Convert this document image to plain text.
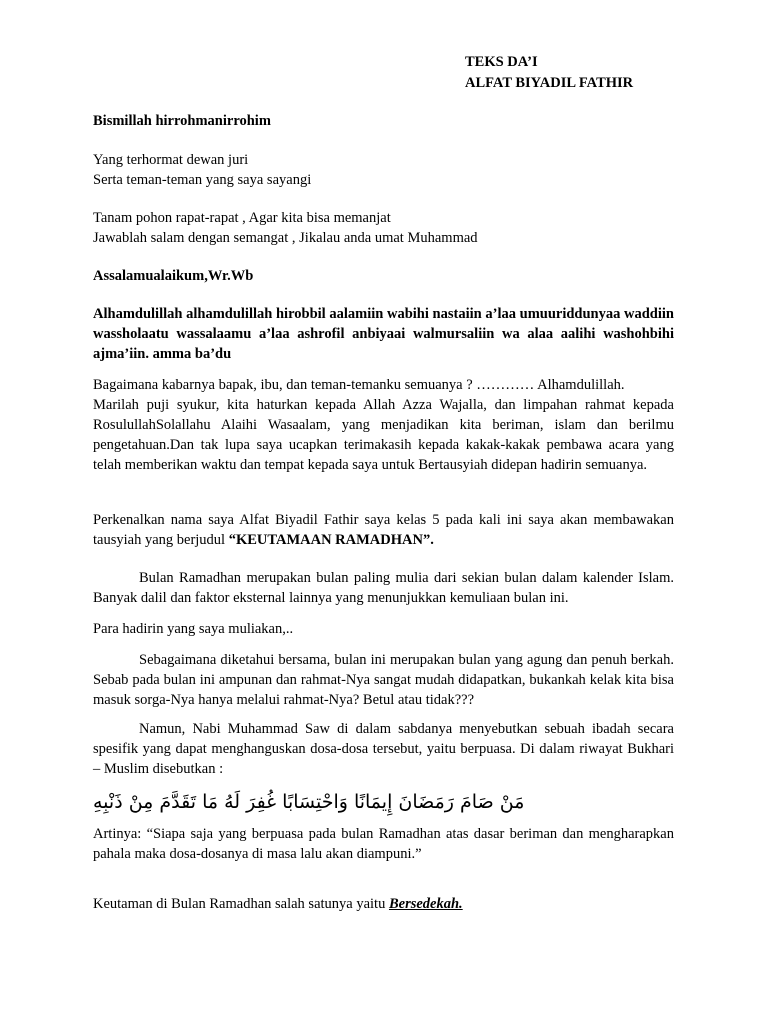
TEKS DA’I
ALFAT BIYADIL FATHIR
Bismillah hirrohmanirrohim
Yang terhormat dewan juri
Serta teman-teman yang saya sayangi
Tanam pohon rapat-rapat , Agar kita bisa memanjat
Jawablah salam dengan semangat , Jikalau anda umat Muhammad
Assalamualaikum,Wr.Wb
Alhamdulillah alhamdulillah hirobbil aalamiin wabihi nastaiin a’laa umuuriddunyaa waddiin wassholaatu wassalaamu a’laa ashrofil anbiyaai walmursaliin wa alaa aalihi washohbihi ajma’iin. amma ba’du
Bagaimana kabarnya bapak, ibu, dan teman-temanku semuanya ? ………… Alhamdulillah.
Marilah puji syukur, kita haturkan kepada Allah Azza Wajalla, dan limpahan rahmat kepada RosulullahSolallahu Alaihi Wasaalam, yang menjadikan kita beriman, islam dan berilmu pengetahuan.Dan tak lupa saya ucapkan terimakasih kepada kakak-kakak pembawa acara yang telah memberikan waktu dan tempat kepada saya untuk Bertausyiah didepan hadirin semuanya.
Perkenalkan nama saya Alfat Biyadil Fathir saya kelas 5 pada kali ini saya akan membawakan tausyiah yang berjudul “KEUTAMAAN RAMADHAN”.
Bulan Ramadhan merupakan bulan paling mulia dari sekian bulan dalam kalender Islam. Banyak dalil dan faktor eksternal lainnya yang menunjukkan kemuliaan bulan ini.
Para hadirin yang saya muliakan,..
Sebagaimana diketahui bersama, bulan ini merupakan bulan yang agung dan penuh berkah. Sebab pada bulan ini ampunan dan rahmat-Nya sangat mudah didapatkan, bukankah kelak kita bisa masuk sorga-Nya hanya melalui rahmat-Nya? Betul atau tidak???
Namun, Nabi Muhammad Saw di dalam sabdanya menyebutkan sebuah ibadah secara spesifik yang dapat menghanguskan dosa-dosa tersebut, yaitu berpuasa. Di dalam riwayat Bukhari – Muslim disebutkan :
مَنْ صَامَ رَمَضَانَ إِيمَانًا وَاحْتِسَابًا غُفِرَ لَهُ مَا تَقَدَّمَ مِنْ ذَنْبِهِ
Artinya: “Siapa saja yang berpuasa pada bulan Ramadhan atas dasar beriman dan mengharapkan pahala maka dosa-dosanya di masa lalu akan diampuni.”
Keutaman di Bulan Ramadhan salah satunya yaitu Bersedekah.
